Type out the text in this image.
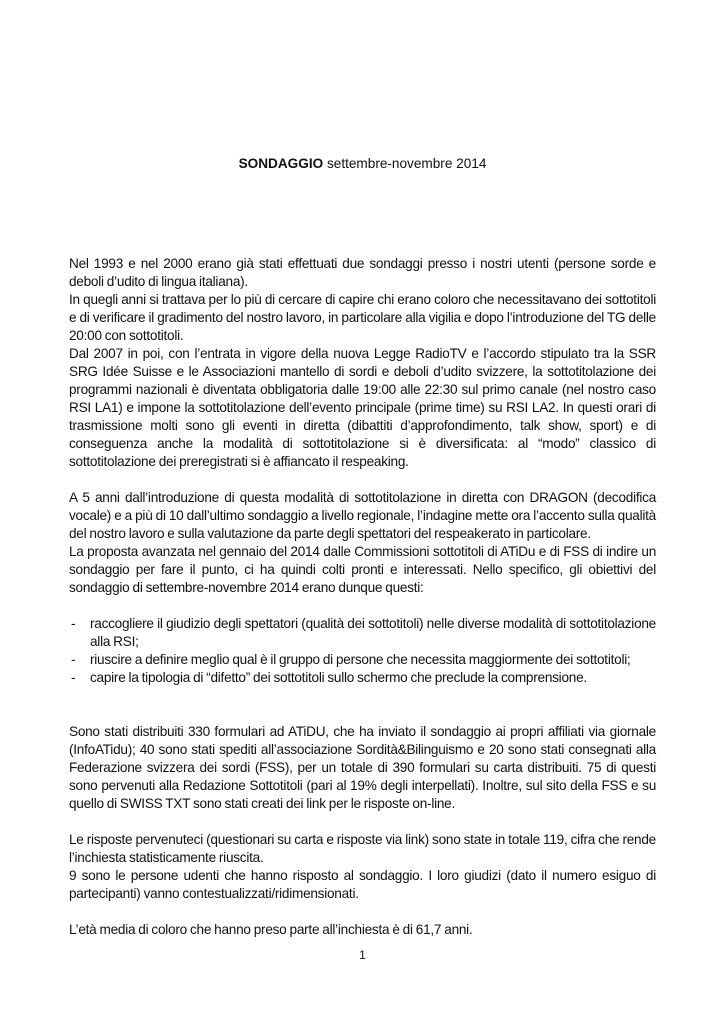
SONDAGGIO settembre-novembre 2014

Nel 1993 e nel 2000 erano già stati effettuati due sondaggi presso i nostri utenti (persone sorde e deboli d’udito di lingua italiana).

In quegli anni si trattava per lo più di cercare di capire chi erano coloro che necessitavano dei sottotitoli e di verificare il gradimento del nostro lavoro, in particolare alla vigilia e dopo l’introduzione del TG delle 20:00 con sottotitoli.

Dal 2007 in poi, con l’entrata in vigore della nuova Legge RadioTV e l’accordo stipulato tra la SSR SRG Idée Suisse e le Associazioni mantello di sordi e deboli d’udito svizzere, la sottotitolazione dei programmi nazionali è diventata obbligatoria dalle 19:00 alle 22:30 sul primo canale (nel nostro caso RSI LA1) e impone la sottotitolazione dell’evento principale (prime time) su RSI LA2. In questi orari di trasmissione molti sono gli eventi in diretta (dibattiti d’approfondimento, talk show, sport) e di conseguenza anche la modalità di sottotitolazione si è diversificata: al “modo” classico di sottotitolazione dei preregistrati si è affiancato il respeaking.

A 5 anni dall’introduzione di questa modalità di sottotitolazione in diretta con DRAGON (decodifica vocale) e a più di 10 dall’ultimo sondaggio a livello regionale, l’indagine mette ora l’accento sulla qualità del nostro lavoro e sulla valutazione da parte degli spettatori del respeakerato in particolare.

La proposta avanzata nel gennaio del 2014 dalle Commissioni sottotitoli di ATiDu e di FSS di indire un sondaggio per fare il punto, ci ha quindi colti pronti e interessati. Nello specifico, gli obiettivi del sondaggio di settembre-novembre 2014 erano dunque questi:

- raccogliere il giudizio degli spettatori (qualità dei sottotitoli) nelle diverse modalità di sottotitolazione alla RSI;
- riuscire a definire meglio qual è il gruppo di persone che necessita maggiormente dei sottotitoli;
- capire la tipologia di “difetto” dei sottotitoli sullo schermo che preclude la comprensione.

Sono stati distribuiti 330 formulari ad ATiDU, che ha inviato il sondaggio ai propri affiliati via giornale (InfoATidu); 40 sono stati spediti all’associazione Sordità&Bilinguismo e 20 sono stati consegnati alla Federazione svizzera dei sordi (FSS), per un totale di 390 formulari su carta distribuiti. 75 di questi sono pervenuti alla Redazione Sottotitoli (pari al 19% degli interpellati). Inoltre, sul sito della FSS e su quello di SWISS TXT sono stati creati dei link per le risposte on-line.

Le risposte pervenuteci (questionari su carta e risposte via link) sono state in totale 119, cifra che rende l’inchiesta statisticamente riuscita.

9 sono le persone udenti che hanno risposto al sondaggio. I loro giudizi (dato il numero esiguo di partecipanti) vanno contestualizzati/ridimensionati.

L’età media di coloro che hanno preso parte all’inchiesta è di 61,7 anni.

1
